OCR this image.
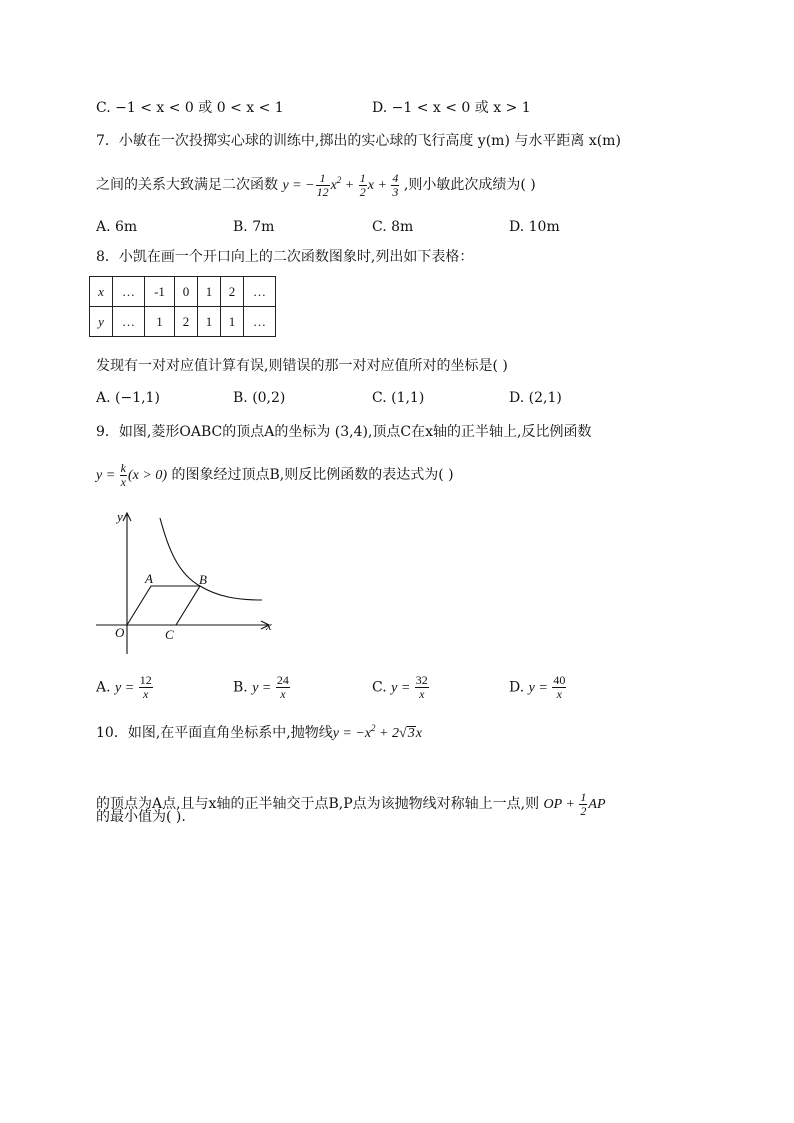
C. −1 < x < 0 或 0 < x < 1	D. −1 < x < 0 或 x > 1
7．小敏在一次投掷实心球的训练中,掷出的实心球的飞行高度 y(m) 与水平距离 x(m)
之间的关系大致满足二次函数 y = − $\frac{1}{12} x^2 + \frac{1}{2}$ $x + \frac{4}{3}$ ,则小敏此次成绩为( )
A. 6m	B. 7m	C. 8m	D. 10m
8．小凯在画一个开口向上的二次函数图象时,列出如下表格：
x	…	-1	0	1	2	…
y	…	1	2	1	1	…
发现有一对对应值计算有误,则错误的那一对对应值所对的坐标是( )
A. (−1,1)	B. (0,2)	C. (1,1)	D. (2,1)
9．如图,菱形OABC的顶点A的坐标为 (3,4),顶点C在x轴的正半轴上,反比例函数
$y = \frac{k}{x} (x > 0)$ 的图象经过顶点B,则反比例函数的表达式为( )
y
x
O
A	B
C
A. $y = \frac{12}{x}$	B. $y = \frac{24}{x}$	C. $y = \frac{32}{x}$	D. $y = \frac{40}{x}$
10．如图,在平面直角坐标系中,抛物线$y = -x^2 + 2√3x$
的顶点为A点,且与x轴的正半轴交于点B,P点为该抛物线对称轴上一点,则 OP + $\frac{1}{2}$ AP
的最小值为( ).
